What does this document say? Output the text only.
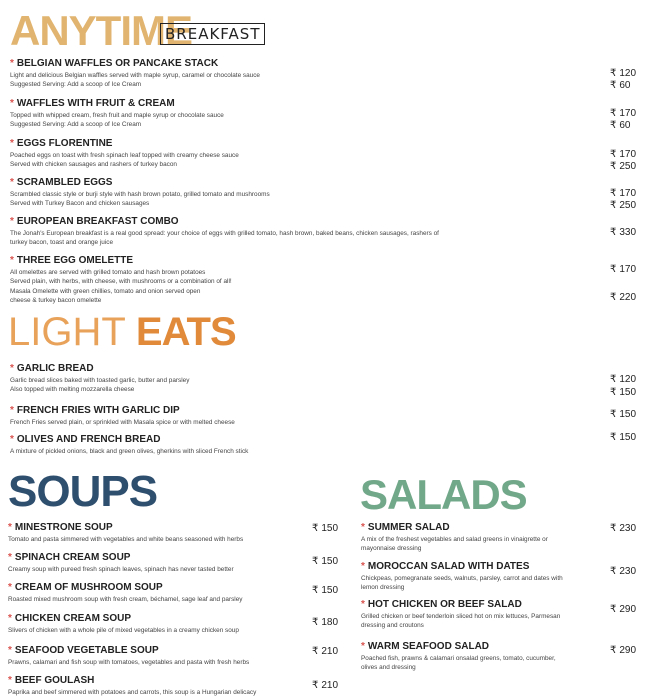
ANYTIME
BREAKFAST
* BELGIAN WAFFLES OR PANCAKE STACK
Light and delicious Belgian waffles served with maple syrup, caramel or chocolate sauce
Suggested Serving: Add a scoop of Ice Cream
₹ 120
₹ 60
* WAFFLES WITH FRUIT & CREAM
Topped with whipped cream, fresh fruit and maple syrup or chocolate sauce
Suggested Serving: Add a scoop of Ice Cream
₹ 170
₹ 60
* EGGS FLORENTINE
Poached eggs on toast with fresh spinach leaf topped with creamy cheese sauce
Served with chicken sausages and rashers of turkey bacon
₹ 170
₹ 250
* SCRAMBLED EGGS
Scrambled classic style or burji style with hash brown potato, grilled tomato and mushrooms
Served with Turkey Bacon and chicken sausages
₹ 170
₹ 250
* EUROPEAN BREAKFAST COMBO
The Jonah's European breakfast is a real good spread: your choice of eggs with grilled tomato, hash brown, baked beans, chicken sausages, rashers of
turkey bacon, toast and orange juice
₹ 330
* THREE EGG OMELETTE
All omelettes are served with grilled tomato and hash brown potatoes
Served plain, with herbs, with cheese, with mushrooms or a combination of all!
Masala Omelette with green chillies, tomato and onion served open
cheese & turkey bacon omelette
₹ 170
₹ 220
LIGHT EATS
* GARLIC BREAD
Garlic bread slices baked with toasted garlic, butter and parsley
Also topped with melting mozzarella cheese
₹ 120
₹ 150
* FRENCH FRIES WITH GARLIC DIP
French Fries served plain, or sprinkled with Masala spice or with melted cheese
₹ 150
* OLIVES AND FRENCH BREAD
A mixture of pickled onions, black and green olives, gherkins with sliced French stick
₹ 150
SOUPS	SALADS
* MINESTRONE SOUP
Tomato and pasta simmered with vegetables and white beans seasoned with herbs
₹ 150
* SPINACH CREAM SOUP
Creamy soup with pureed fresh spinach leaves, spinach has never tasted better
₹ 150
* CREAM OF MUSHROOM SOUP
Roasted mixed mushroom soup with fresh cream, béchamel, sage leaf and parsley
₹ 150
* CHICKEN CREAM SOUP
Slivers of chicken with a whole pile of mixed vegetables in a creamy chicken soup
₹ 180
* SEAFOOD VEGETABLE SOUP
Prawns, calamari and fish soup with tomatoes, vegetables and pasta with fresh herbs
₹ 210
* BEEF GOULASH
Paprika and beef simmered with potatoes and carrots, this soup is a Hungarian delicacy
₹ 210
* SUMMER SALAD
A mix of the freshest vegetables and salad greens in vinaigrette or
mayonnaise dressing
₹ 230
* MOROCCAN SALAD WITH DATES
Chickpeas, pomegranate seeds, walnuts, parsley, carrot and dates with
lemon dressing
₹ 230
* HOT CHICKEN OR BEEF SALAD
Grilled chicken or beef tenderloin sliced hot on mix lettuces, Parmesan
dressing and croutons
₹ 290
* WARM SEAFOOD SALAD
Poached fish, prawns & calamari onsalad greens, tomato, cucumber,
olives and dressing
₹ 290
